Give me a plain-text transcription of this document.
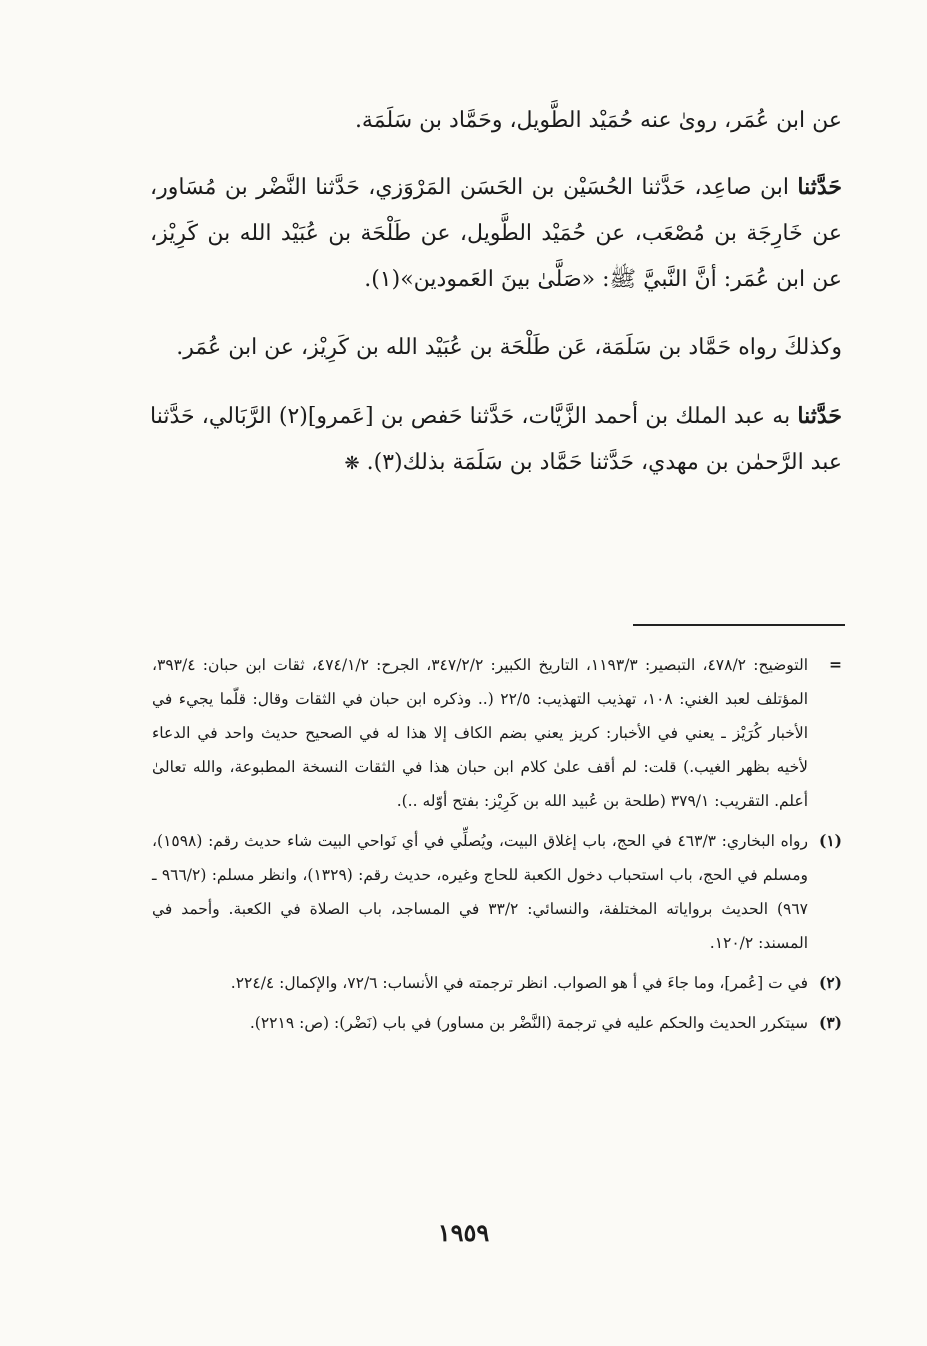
عن ابن عُمَر، روىٰ عنه حُمَيْد الطَّويل، وحَمَّاد بن سَلَمَة.

حَدَّثنا ابن صاعِد، حَدَّثنا الحُسَيْن بن الحَسَن المَرْوَزي، حَدَّثنا النَّضْر بن مُسَاور، عن خَارِجَة بن مُصْعَب، عن حُمَيْد الطَّويل، عن طَلْحَة بن عُبَيْد الله بن كَرِيْز، عن ابن عُمَر: أنَّ النَّبيَّ ﷺ: «صَلَّىٰ بينَ العَمودين»(١).

وكذلكَ رواه حَمَّاد بن سَلَمَة، عَن طَلْحَة بن عُبَيْد الله بن كَرِيْز، عن ابن عُمَر.

حَدَّثنا به عبد الملك بن أحمد الزَّيَّات، حَدَّثنا حَفص بن [عَمرو](٢) الرَّبَالي، حَدَّثنا عبد الرَّحمٰن بن مهدي، حَدَّثنا حَمَّاد بن سَلَمَة بذلك(٣). ❋

=
التوضيح: ٤٧٨/٢، التبصير: ١١٩٣/٣، التاريخ الكبير: ٣٤٧/٢/٢، الجرح: ٤٧٤/١/٢، ثقات ابن حبان: ٣٩٣/٤، المؤتلف لعبد الغني: ١٠٨، تهذيب التهذيب: ٢٢/٥ (.. وذكره ابن حبان في الثقات وقال: قلّما يجيء في الأخبار كُرَيْز ـ يعني في الأخبار: كريز يعني بضم الكاف إلا هذا له في الصحيح حديث واحد في الدعاء لأخيه بظهر الغيب.) قلت: لم أقف علىٰ كلام ابن حبان هذا في الثقات النسخة المطبوعة، والله تعالىٰ أعلم. التقريب: ٣٧٩/١ (طلحة بن عُبيد الله بن كَرِيْز: بفتح أوّله ..).
(١)
رواه البخاري: ٤٦٣/٣ في الحج، باب إغلاق البيت، ويُصلِّي في أي نَواحي البيت شاء حديث رقم: (١٥٩٨)، ومسلم في الحج، باب استحباب دخول الكعبة للحاج وغيره، حديث رقم: (١٣٢٩)، وانظر مسلم: (٩٦٦/٢ ـ ٩٦٧) الحديث برواياته المختلفة، والنسائي: ٣٣/٢ في المساجد، باب الصلاة في الكعبة. وأحمد في المسند: ١٢٠/٢.
(٢)
في ت [عُمر]، وما جاءَ في أ هو الصواب. انظر ترجمته في الأنساب: ٧٢/٦، والإكمال: ٢٢٤/٤.
(٣)
سيتكرر الحديث والحكم عليه في ترجمة (النَّضْر بن مساور) في باب (نَضْر): (ص: ٢٢١٩).
١٩٥٩
